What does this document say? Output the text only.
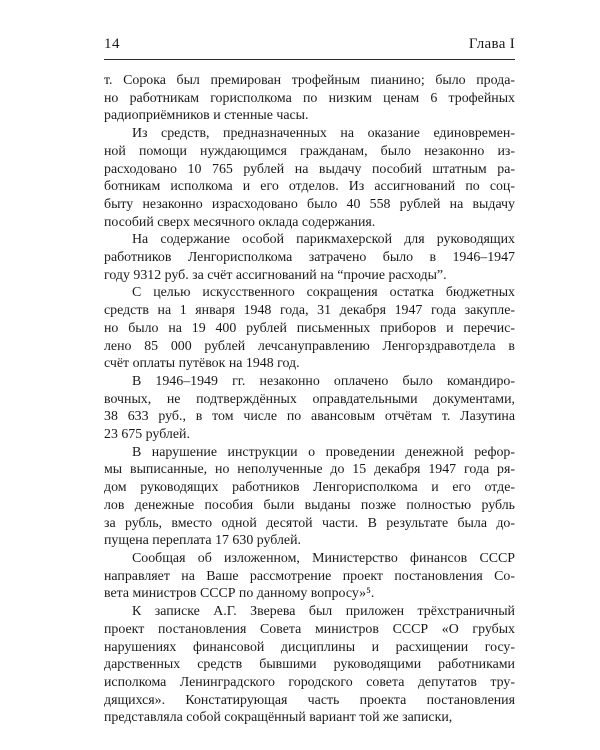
14	Глава I

т. Сорока был премирован трофейным пианино; было прода-
но работникам горисполкома по низким ценам 6 трофейных
радиоприёмников и стенные часы.

Из средств, предназначенных на оказание единовремен-
ной помощи нуждающимся гражданам, было незаконно из-
расходовано 10 765 рублей на выдачу пособий штатным ра-
ботникам исполкома и его отделов. Из ассигнований по соц-
быту незаконно израсходовано было 40 558 рублей на выдачу
пособий сверх месячного оклада содержания.

На содержание особой парикмахерской для руководящих
работников Ленгорисполкома затрачено было в 1946–1947
году 9312 руб. за счёт ассигнований на “прочие расходы”.

С целью искусственного сокращения остатка бюджетных
средств на 1 января 1948 года, 31 декабря 1947 года закупле-
но было на 19 400 рублей письменных приборов и перечис-
лено 85 000 рублей лечсанупрaвлению Ленгорздравотдела в
счёт оплаты путёвок на 1948 год.

В 1946–1949 гг. незаконно оплачено было командиро-
вочных, не подтверждённых оправдательными документами,
38 633 руб., в том числе по авансовым отчётам т. Лазутина
23 675 рублей.

В нарушение инструкции о проведении денежной рефор-
мы выписанные, но неполученные до 15 декабря 1947 года ря-
дом руководящих работников Ленгорисполкома и его отде-
лов денежные пособия были выданы позже полностью рубль
за рубль, вместо одной десятой части. В результате была до-
пущена переплата 17 630 рублей.

Сообщая об изложенном, Министерство финансов СССР
направляет на Ваше рассмотрение проект постановления Со-
вета министров СССР по данному вопросу»⁵.

К записке А.Г. Зверева был приложен трёхстраничный
проект постановления Совета министров СССР «О грубых
нарушениях финансовой дисциплины и расхищении госу-
дарственных средств бывшими руководящими работниками
исполкома Ленинградского городского совета депутатов тру-
дящихся». Констатирующая часть проекта постановления
представляла собой сокращённый вариант той же записки,
